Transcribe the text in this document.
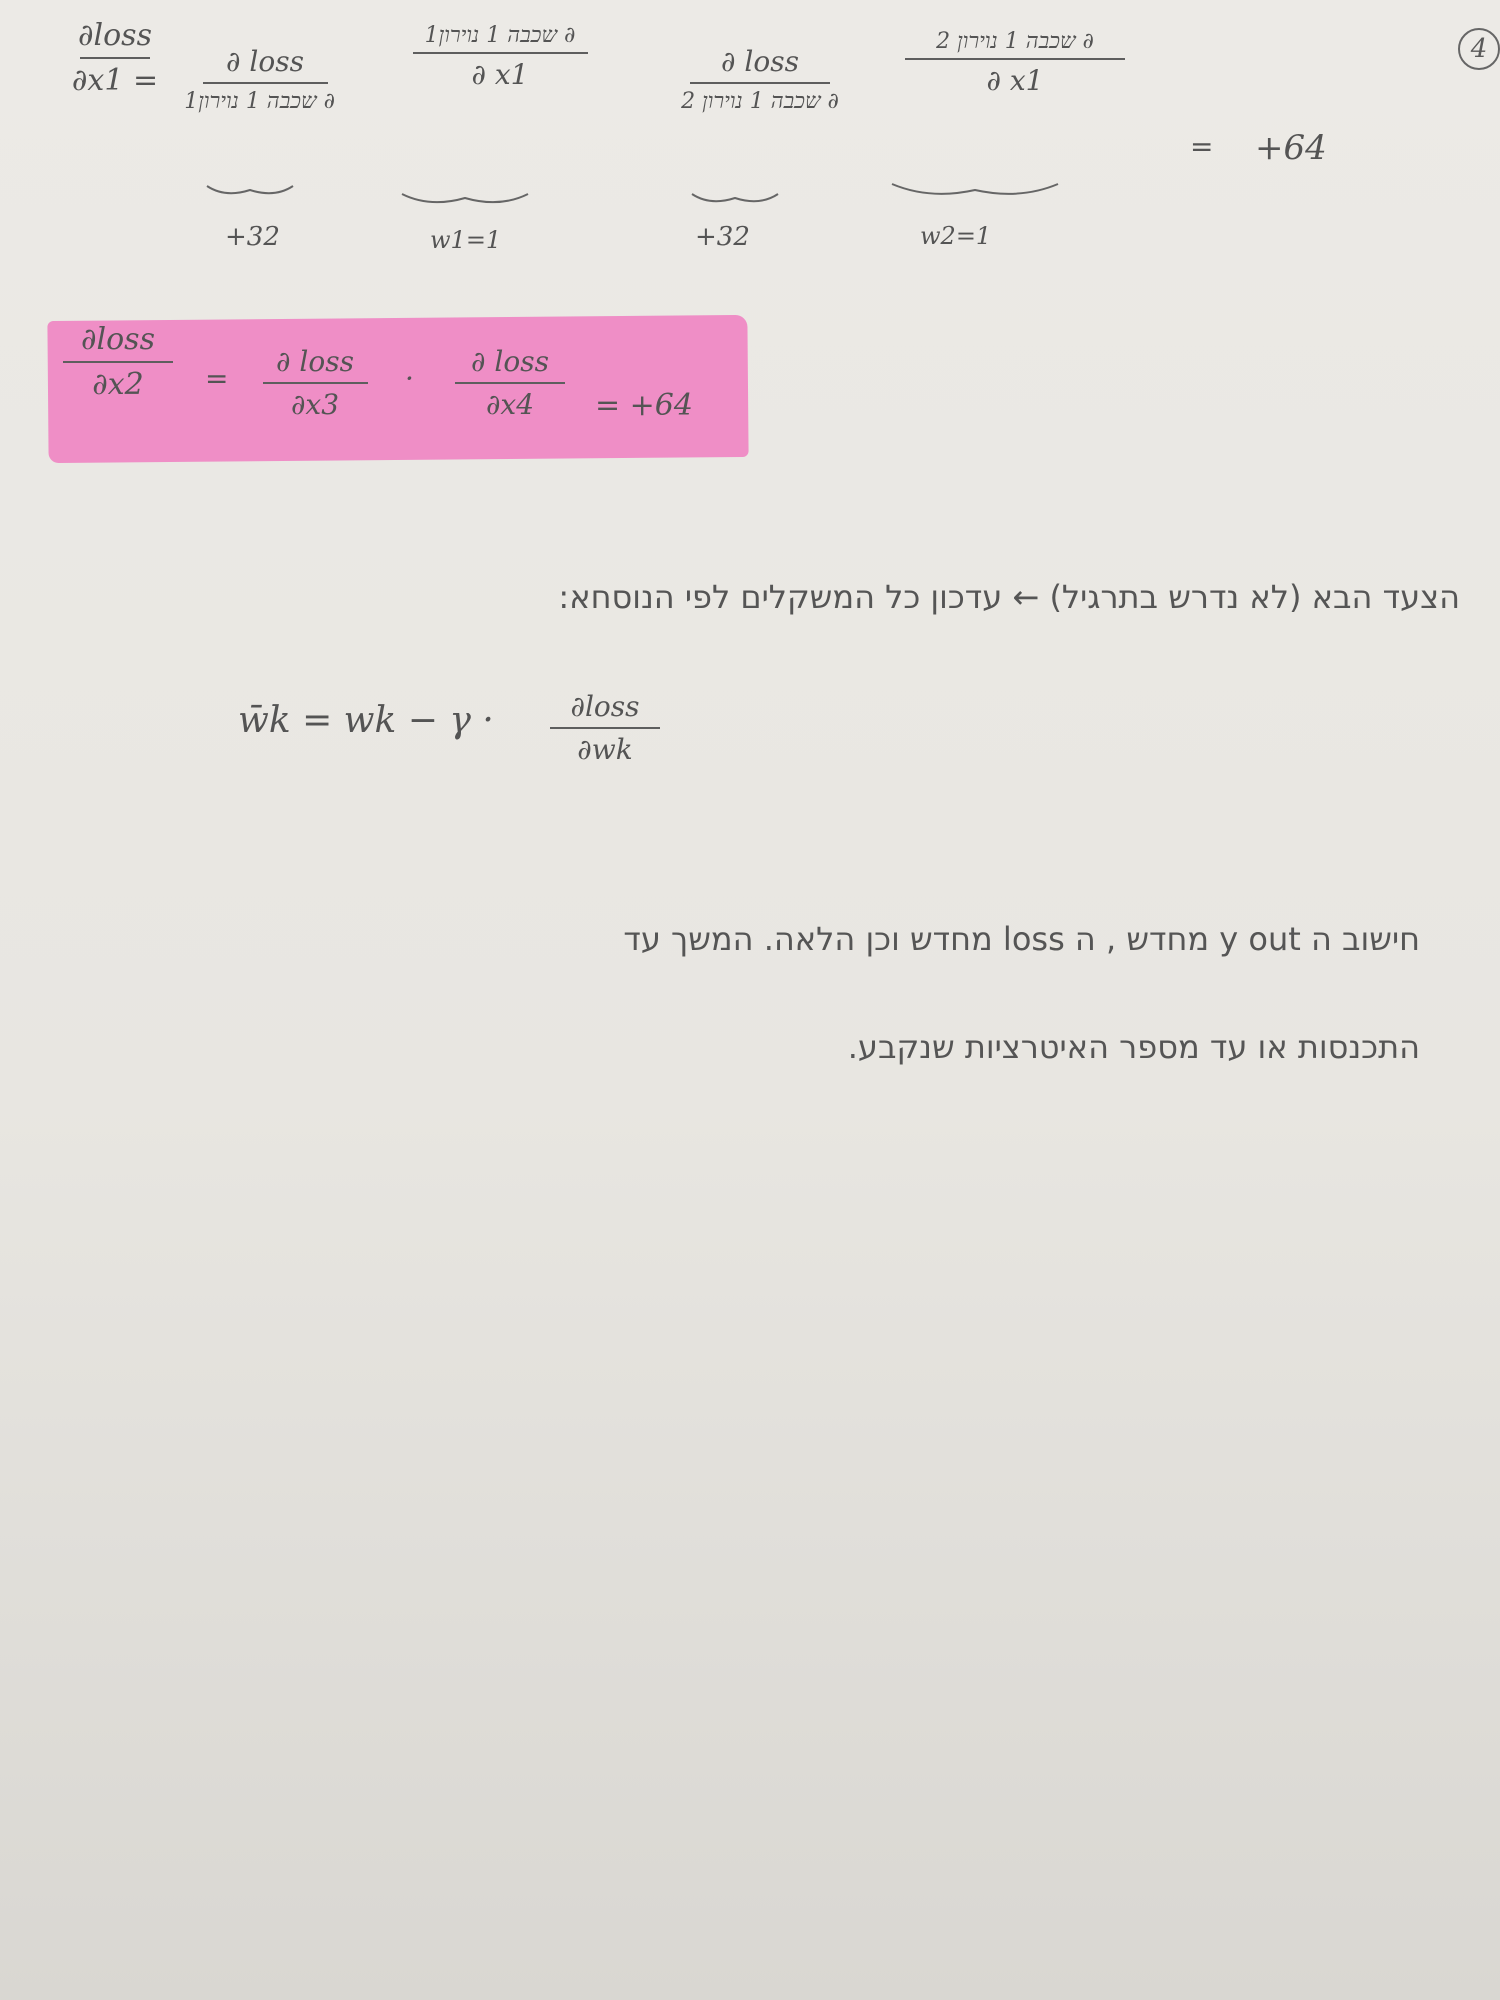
4
∂loss
∂x1 =
∂ loss
∂ שכבה 1 נוירון1
∂ שכבה 1 נוירון1
∂ x1	∂ loss
∂ שכבה 1 נוירון 2
∂ שכבה 1 נוירון 2
∂ x1
= +64
+32	w1=1	+32	w2=1
∂loss
∂x2	=
∂ loss
∂x3
·
∂ loss
∂x4	= +64
הצעד הבא (לא נדרש בתרגיל) ← עדכון כל המשקלים לפי הנוסחא:
w̄k = wk − γ ·	∂loss
∂wk
חישוב ה y out מחדש , ה loss מחדש וכן הלאה. המשך עד
התכנסות או עד מספר האיטרציות שנקבע.
